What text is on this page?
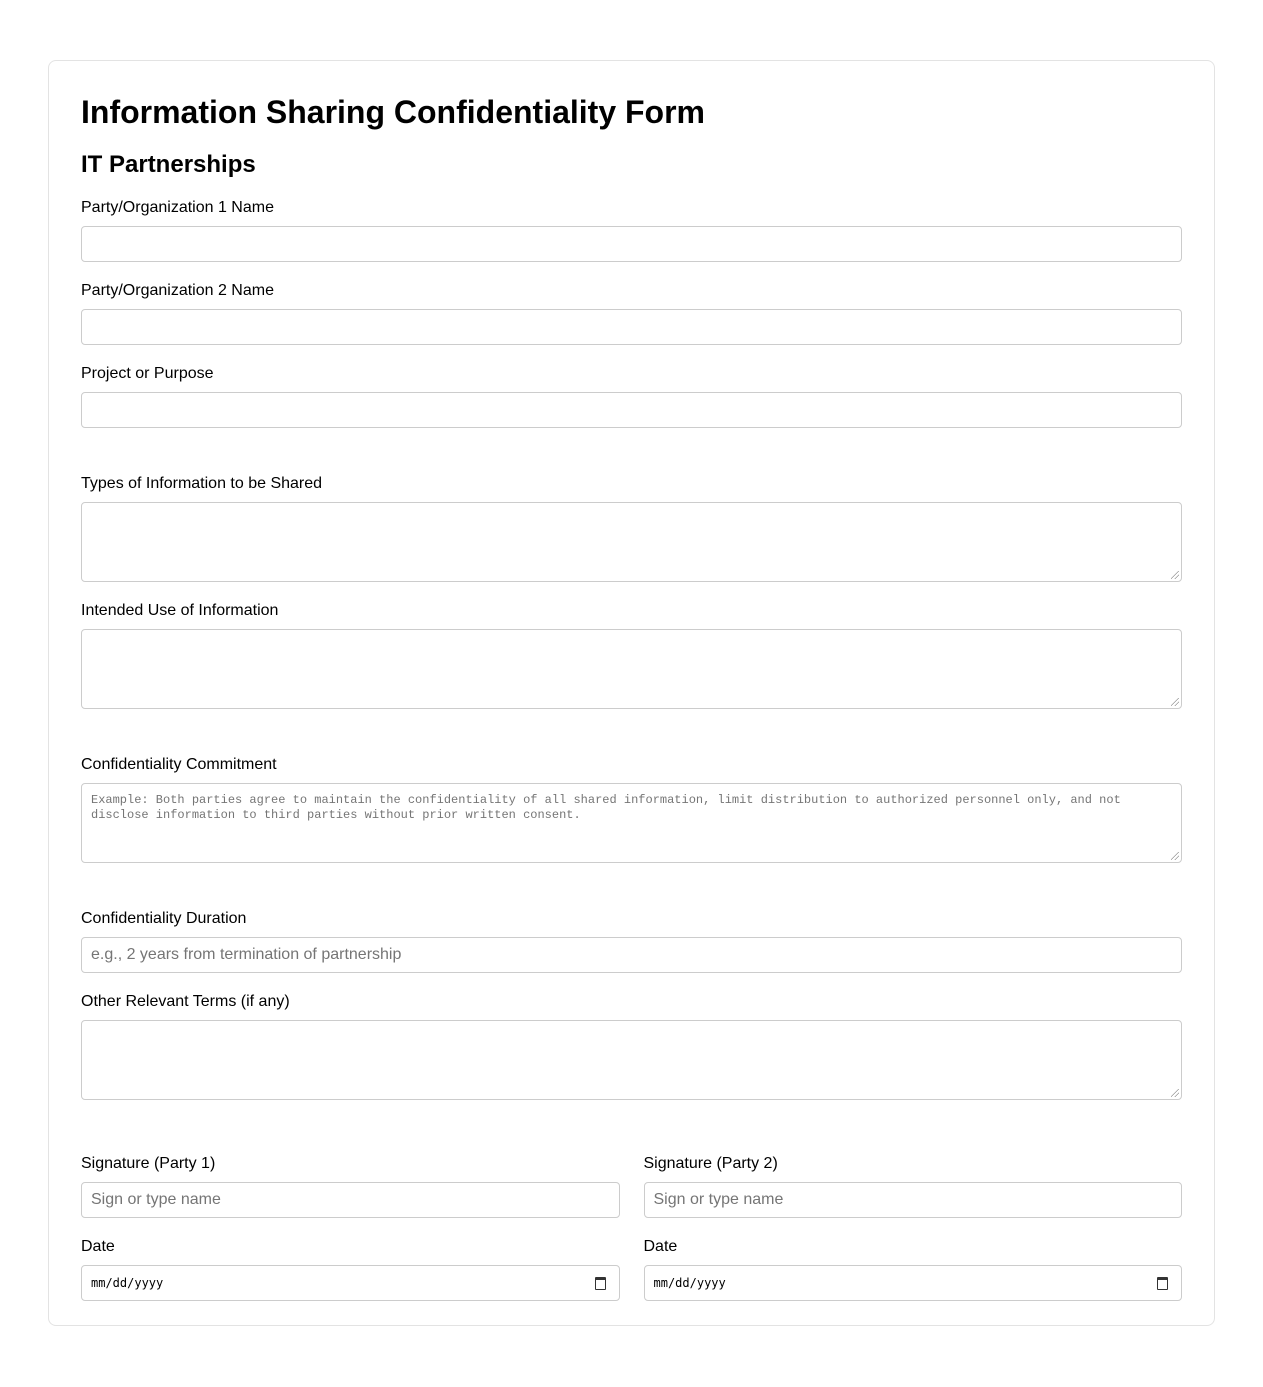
Information Sharing Confidentiality Form
IT Partnerships
Party/Organization 1 Name
Party/Organization 2 Name
Project or Purpose
Types of Information to be Shared
Intended Use of Information
Confidentiality Commitment
Example: Both parties agree to maintain the confidentiality of all shared information, limit distribution to authorized personnel only, and not disclose information to third parties without prior written consent.
Confidentiality Duration
e.g., 2 years from termination of partnership
Other Relevant Terms (if any)
Signature (Party 1)
Sign or type name
Signature (Party 2)
Sign or type name
Date
mm/dd/yyyy
Date
mm/dd/yyyy
